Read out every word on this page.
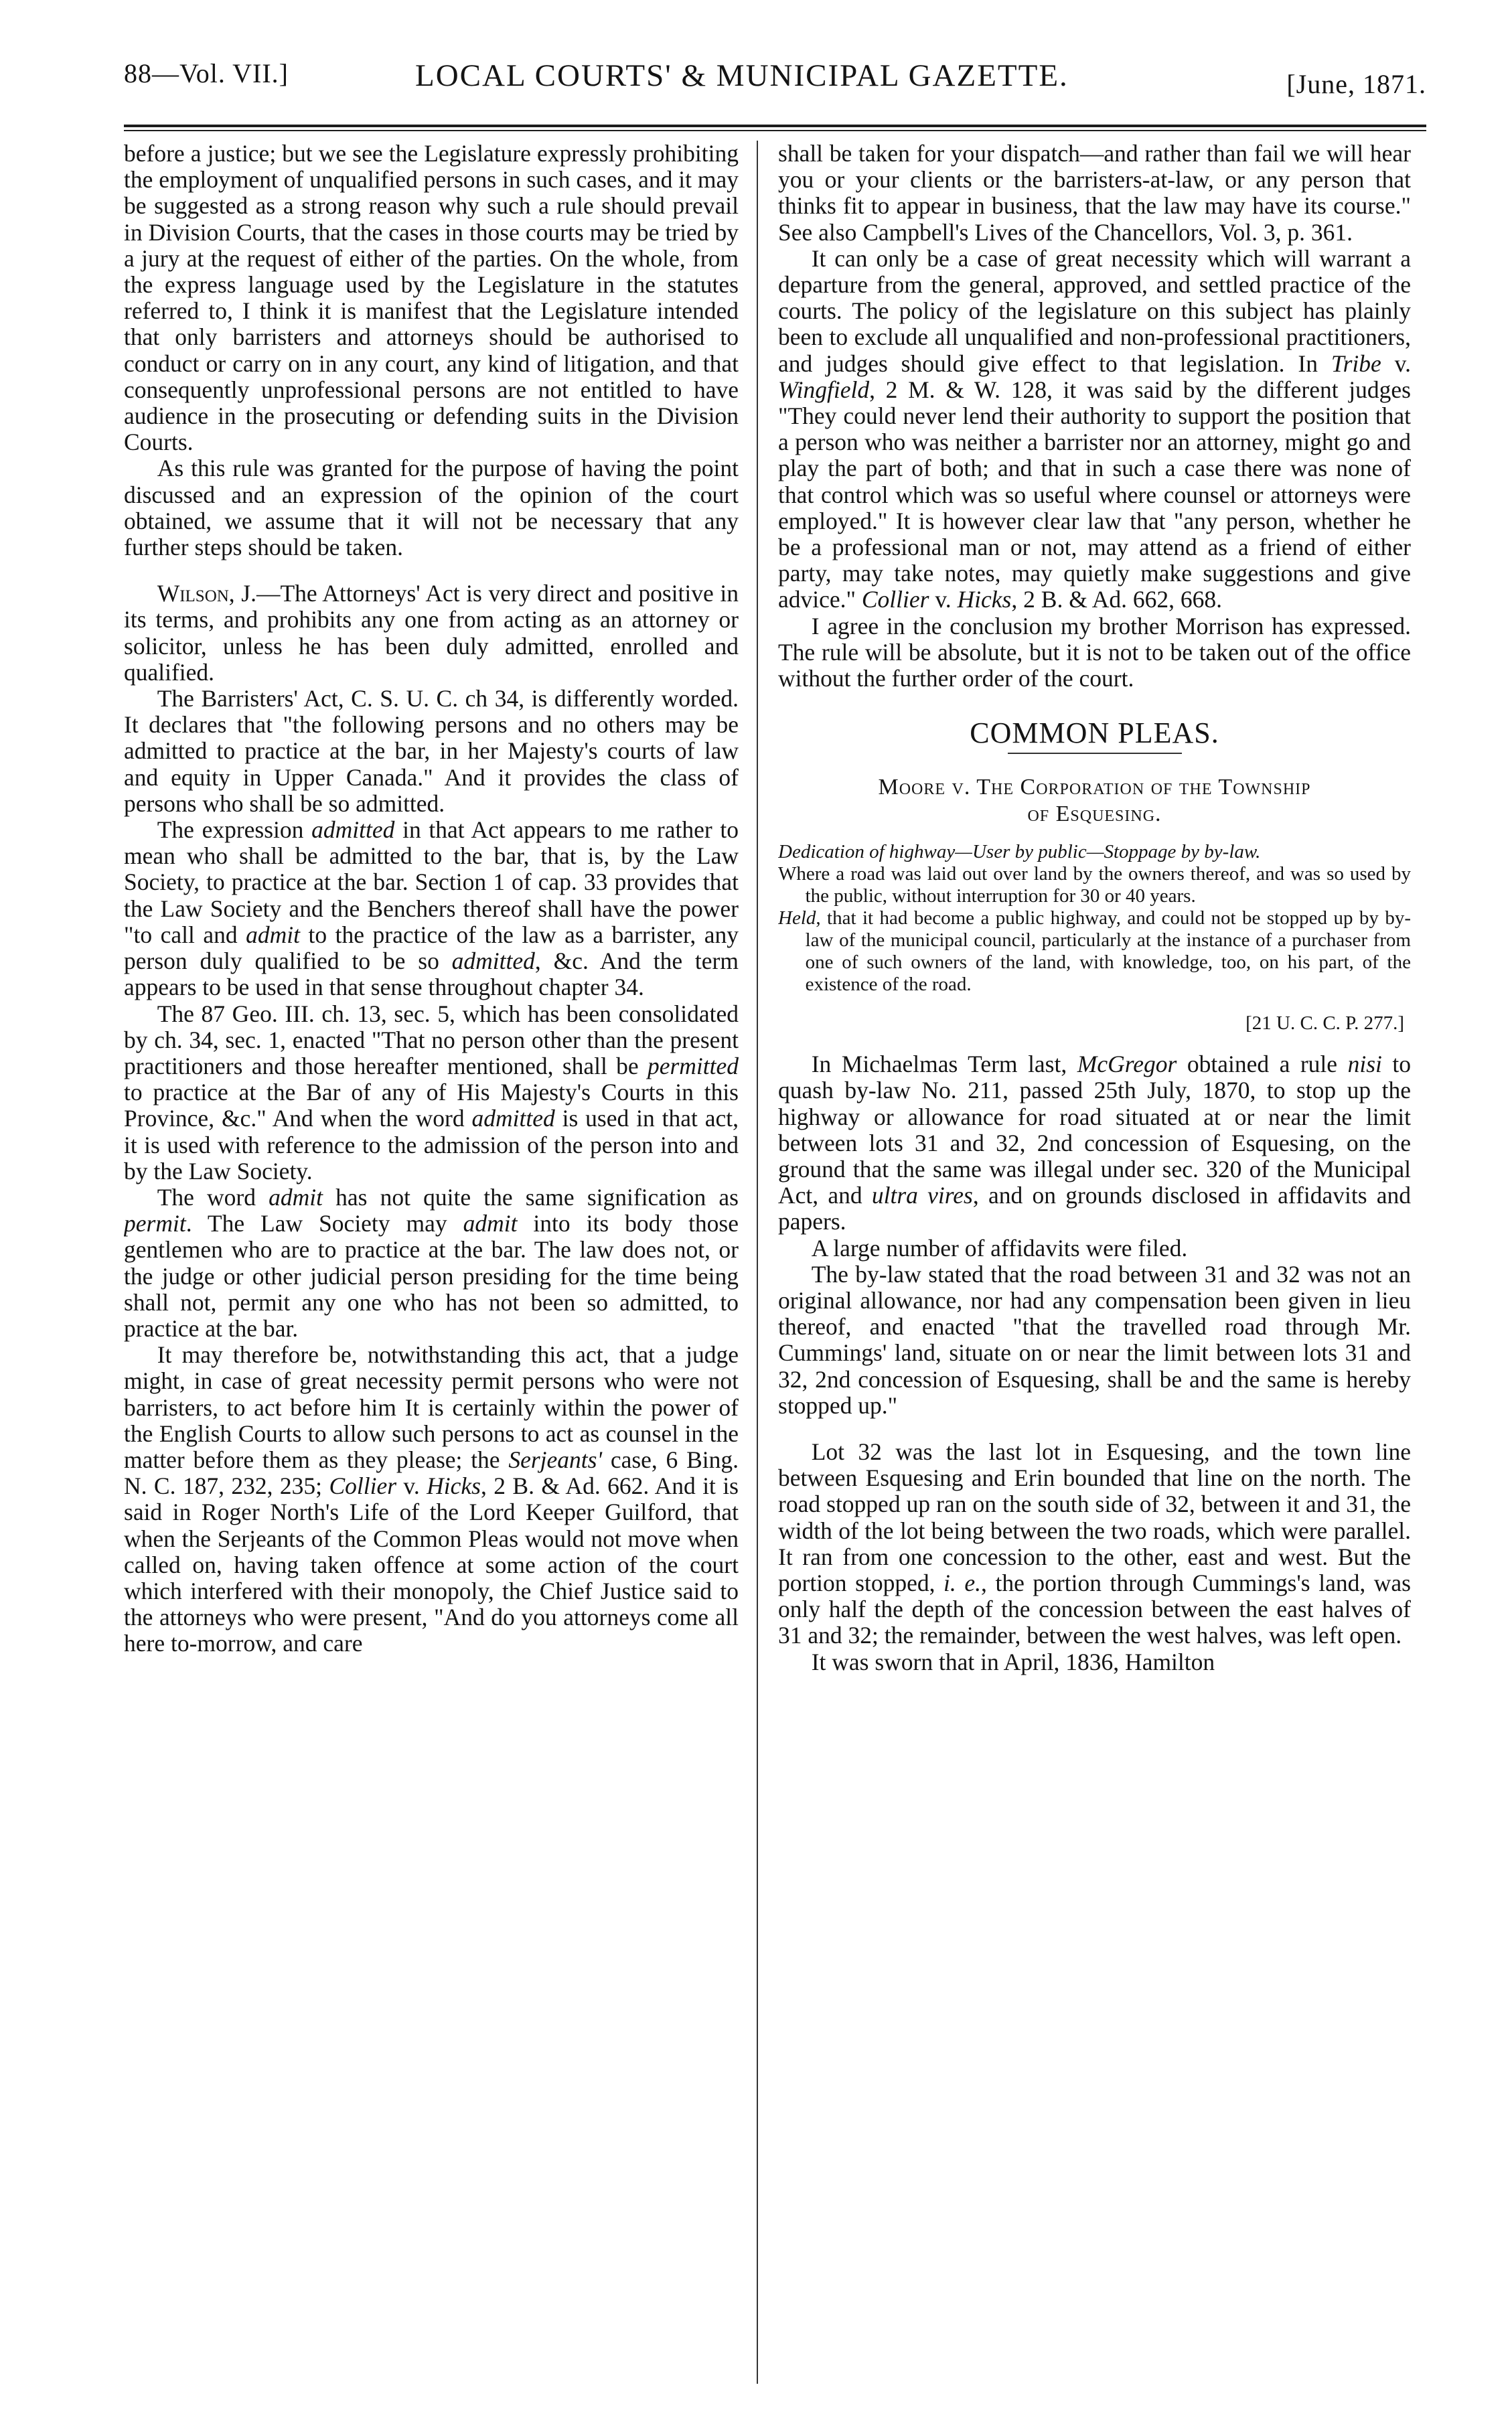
88—Vol. VII.]	LOCAL COURTS' & MUNICIPAL GAZETTE.	[June, 1871.

before a justice; but we see the Legislature expressly prohibiting the employment of unqualified persons in such cases, and it may be suggested as a strong reason why such a rule should prevail in Division Courts, that the cases in those courts may be tried by a jury at the request of either of the parties. On the whole, from the express language used by the Legislature in the statutes referred to, I think it is manifest that the Legislature intended that only barristers and attorneys should be authorised to conduct or carry on in any court, any kind of litigation, and that consequently unprofessional persons are not entitled to have audience in the prosecuting or defending suits in the Division Courts.

As this rule was granted for the purpose of having the point discussed and an expression of the opinion of the court obtained, we assume that it will not be necessary that any further steps should be taken.

Wilson, J.—The Attorneys' Act is very direct and positive in its terms, and prohibits any one from acting as an attorney or solicitor, unless he has been duly admitted, enrolled and qualified.

The Barristers' Act, C. S. U. C. ch 34, is differently worded. It declares that "the following persons and no others may be admitted to practice at the bar, in her Majesty's courts of law and equity in Upper Canada." And it provides the class of persons who shall be so admitted.

The expression admitted in that Act appears to me rather to mean who shall be admitted to the bar, that is, by the Law Society, to practice at the bar. Section 1 of cap. 33 provides that the Law Society and the Benchers thereof shall have the power "to call and admit to the practice of the law as a barrister, any person duly qualified to be so admitted, &c. And the term appears to be used in that sense throughout chapter 34.

The 87 Geo. III. ch. 13, sec. 5, which has been consolidated by ch. 34, sec. 1, enacted "That no person other than the present practitioners and those hereafter mentioned, shall be permitted to practice at the Bar of any of His Majesty's Courts in this Province, &c." And when the word admitted is used in that act, it is used with reference to the admission of the person into and by the Law Society.

The word admit has not quite the same signification as permit. The Law Society may admit into its body those gentlemen who are to practice at the bar. The law does not, or the judge or other judicial person presiding for the time being shall not, permit any one who has not been so admitted, to practice at the bar.

It may therefore be, notwithstanding this act, that a judge might, in case of great necessity permit persons who were not barristers, to act before him It is certainly within the power of the English Courts to allow such persons to act as counsel in the matter before them as they please; the Serjeants' case, 6 Bing. N. C. 187, 232, 235; Collier v. Hicks, 2 B. & Ad. 662. And it is said in Roger North's Life of the Lord Keeper Guilford, that when the Serjeants of the Common Pleas would not move when called on, having taken offence at some action of the court which interfered with their monopoly, the Chief Justice said to the attorneys who were present, "And do you attorneys come all here to-morrow, and care

shall be taken for your dispatch—and rather than fail we will hear you or your clients or the barristers-at-law, or any person that thinks fit to appear in business, that the law may have its course." See also Campbell's Lives of the Chancellors, Vol. 3, p. 361.

It can only be a case of great necessity which will warrant a departure from the general, approved, and settled practice of the courts. The policy of the legislature on this subject has plainly been to exclude all unqualified and non-professional practitioners, and judges should give effect to that legislation. In Tribe v. Wingfield, 2 M. & W. 128, it was said by the different judges "They could never lend their authority to support the position that a person who was neither a barrister nor an attorney, might go and play the part of both; and that in such a case there was none of that control which was so useful where counsel or attorneys were employed." It is however clear law that "any person, whether he be a professional man or not, may attend as a friend of either party, may take notes, may quietly make suggestions and give advice." Collier v. Hicks, 2 B. & Ad. 662, 668.

I agree in the conclusion my brother Morrison has expressed. The rule will be absolute, but it is not to be taken out of the office without the further order of the court.

COMMON PLEAS.
Moore v. The Corporation of the Township
of Esquesing.

Dedication of highway—User by public—Stoppage by by-law.

Where a road was laid out over land by the owners thereof, and was so used by the public, without interruption for 30 or 40 years.

Held, that it had become a public highway, and could not be stopped up by by-law of the municipal council, particularly at the instance of a purchaser from one of such owners of the land, with knowledge, too, on his part, of the existence of the road.

[21 U. C. C. P. 277.]

In Michaelmas Term last, McGregor obtained a rule nisi to quash by-law No. 211, passed 25th July, 1870, to stop up the highway or allowance for road situated at or near the limit between lots 31 and 32, 2nd concession of Esquesing, on the ground that the same was illegal under sec. 320 of the Municipal Act, and ultra vires, and on grounds disclosed in affidavits and papers.

A large number of affidavits were filed.

The by-law stated that the road between 31 and 32 was not an original allowance, nor had any compensation been given in lieu thereof, and enacted "that the travelled road through Mr. Cummings' land, situate on or near the limit between lots 31 and 32, 2nd concession of Esquesing, shall be and the same is hereby stopped up."

Lot 32 was the last lot in Esquesing, and the town line between Esquesing and Erin bounded that line on the north. The road stopped up ran on the south side of 32, between it and 31, the width of the lot being between the two roads, which were parallel. It ran from one concession to the other, east and west. But the portion stopped, i. e., the portion through Cummings's land, was only half the depth of the concession between the east halves of 31 and 32; the remainder, between the west halves, was left open.

It was sworn that in April, 1836, Hamilton
